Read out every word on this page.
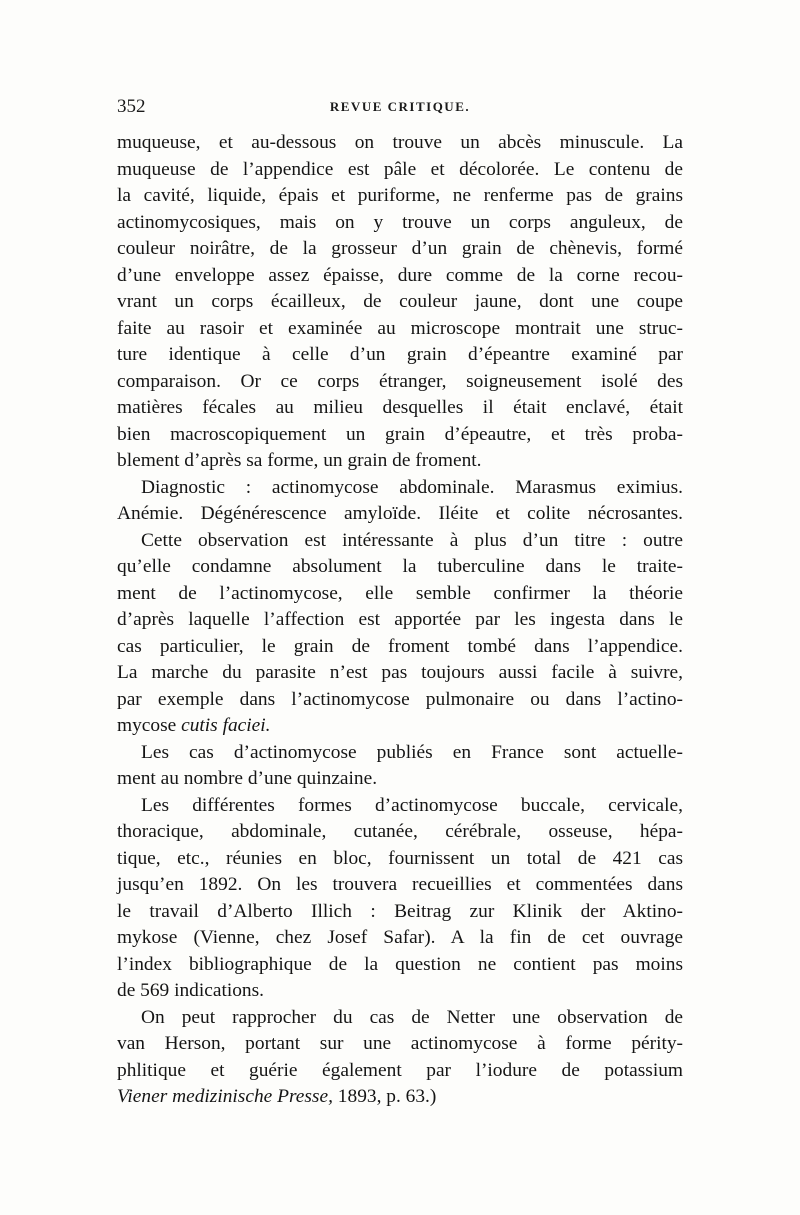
352	REVUE CRITIQUE.
muqueuse, et au-dessous on trouve un abcès minuscule. La
muqueuse de l’appendice est pâle et décolorée. Le contenu de
la cavité, liquide, épais et puriforme, ne renferme pas de grains
actinomycosiques, mais on y trouve un corps anguleux, de
couleur noirâtre, de la grosseur d’un grain de chènevis, formé
d’une enveloppe assez épaisse, dure comme de la corne recou-
vrant un corps écailleux, de couleur jaune, dont une coupe
faite au rasoir et examinée au microscope montrait une struc-
ture identique à celle d’un grain d’épeantre examiné par
comparaison. Or ce corps étranger, soigneusement isolé des
matières fécales au milieu desquelles il était enclavé, était
bien macroscopiquement un grain d’épeautre, et très proba-
blement d’après sa forme, un grain de froment.
Diagnostic : actinomycose abdominale. Marasmus eximius.
Anémie. Dégénérescence amyloïde. Iléite et colite nécrosantes.
Cette observation est intéressante à plus d’un titre : outre
qu’elle condamne absolument la tuberculine dans le traite-
ment de l’actinomycose, elle semble confirmer la théorie
d’après laquelle l’affection est apportée par les ingesta dans le
cas particulier, le grain de froment tombé dans l’appendice.
La marche du parasite n’est pas toujours aussi facile à suivre,
par exemple dans l’actinomycose pulmonaire ou dans l’actino-
mycose cutis faciei.
Les cas d’actinomycose publiés en France sont actuelle-
ment au nombre d’une quinzaine.
Les différentes formes d’actinomycose buccale, cervicale,
thoracique, abdominale, cutanée, cérébrale, osseuse, hépa-
tique, etc., réunies en bloc, fournissent un total de 421 cas
jusqu’en 1892. On les trouvera recueillies et commentées dans
le travail d’Alberto Illich : Beitrag zur Klinik der Aktino-
mykose (Vienne, chez Josef Safar). A la fin de cet ouvrage
l’index bibliographique de la question ne contient pas moins
de 569 indications.
On peut rapprocher du cas de Netter une observation de
van Herson, portant sur une actinomycose à forme périty-
phlitique et guérie également par l’iodure de potassium
Viener medizinische Presse, 1893, p. 63.)
